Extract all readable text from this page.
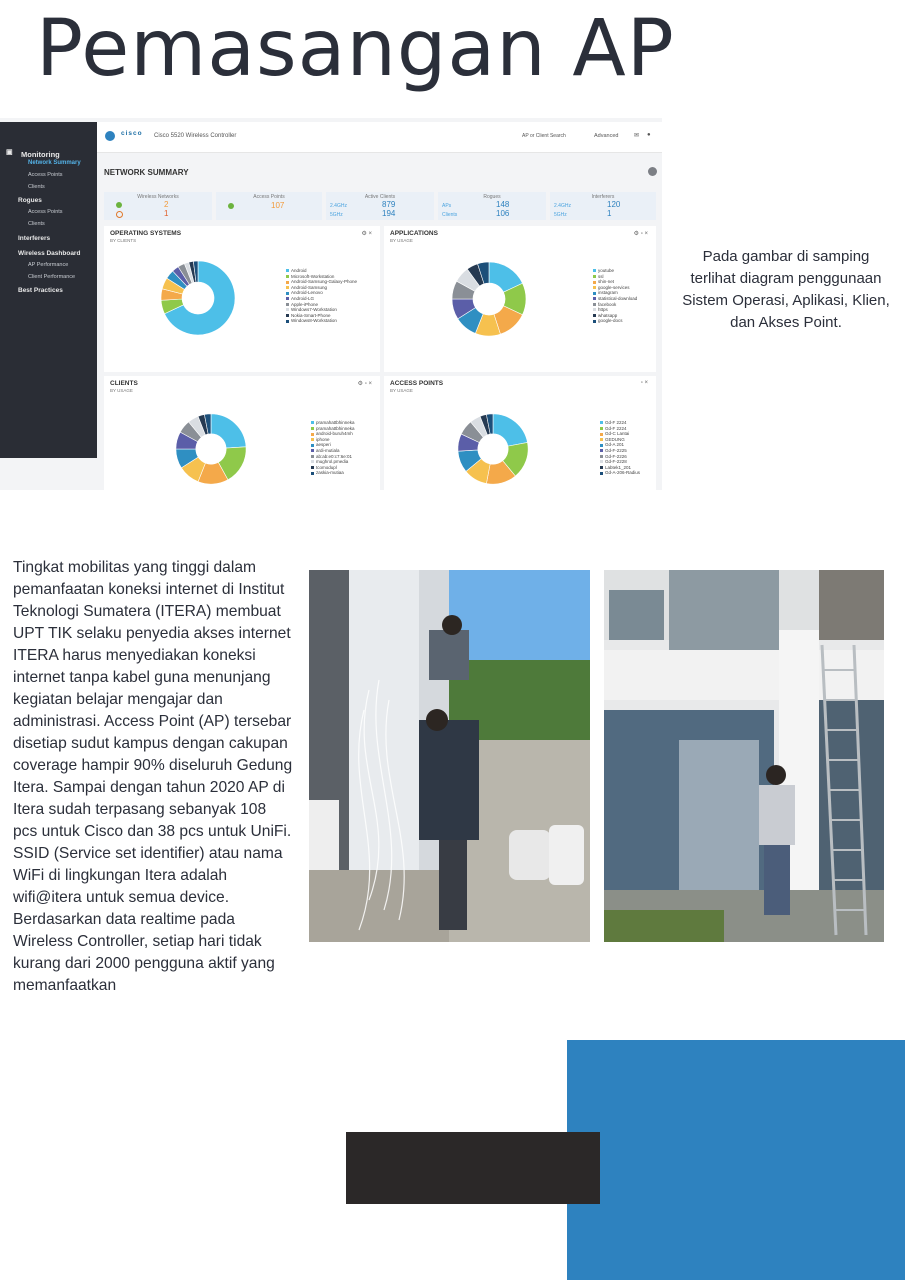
Pemasangan AP
▣ Monitoring
Network Summary
Access Points
Clients
Rogues
Access Points
Clients
Interferers
Wireless Dashboard
AP Performance
Client Performance
Best Practices
cisco Cisco 5520 Wireless Controller	AP or Client Search	Advanced	✉ ●
NETWORK SUMMARY
Wireless Networks
2
1
Access Points
107
Active Clients
2.4GHz	879
5GHz	194
Rogues
APs	148
Clients	106
Interferers
2.4GHz	120
5GHz	1
OPERATING SYSTEMS
BY CLIENTS
⚙ ×
Android
Microsoft-Workstation
Android-Samsung-Galaxy-Phone
Android-Samsung
Android-Lenovo
Android-LG
Apple-iPhone
Windows7-Workstation
Nokia-Smart-Phone
Windows8-Workstation
APPLICATIONS
BY USAGE
⚙ ▫ ×
youtube
ssl
shin-net
google-services
instagram
statistical-download
facebook
https
whatsapp
google-docs
CLIENTS
BY USAGE
⚙ ▫ ×
pramahattbhinneka
pramahattbhinneka
android-buruh4mh
iphone
aesperi
ardi-mutiala
ab:ab:e0:c7:6e:01
mughrol.pmedia
tcomodupl
zaskia-mutiaa
ACCESS POINTS
BY USAGE
▫ ×
Gd-F 2224
Gd-F 2224
Gd-C Lantai
GEDUNG
Gd-A 201
Gd-F-2225
Gd-F-2226
Gd-F-2228
Labtek1_201
Gd-A-206-Radius
Pada gambar di samping terlihat diagram penggunaan Sistem Operasi, Aplikasi, Klien, dan Akses Point.

Tingkat mobilitas yang tinggi dalam pemanfaatan koneksi internet di Institut Teknologi Sumatera (ITERA) membuat UPT TIK selaku penyedia akses internet ITERA harus menyediakan koneksi internet tanpa kabel guna menunjang kegiatan belajar mengajar dan administrasi. Access Point (AP) tersebar disetiap sudut kampus dengan cakupan coverage hampir 90% diseluruh Gedung Itera. Sampai dengan tahun 2020 AP di Itera sudah terpasang sebanyak 108 pcs untuk Cisco dan 38 pcs untuk UniFi.

SSID (Service set identifier) atau nama WiFi di lingkungan Itera adalah wifi@itera untuk semua device. Berdasarkan data realtime pada Wireless Controller, setiap hari tidak kurang dari 2000 pengguna aktif yang memanfaatkan
